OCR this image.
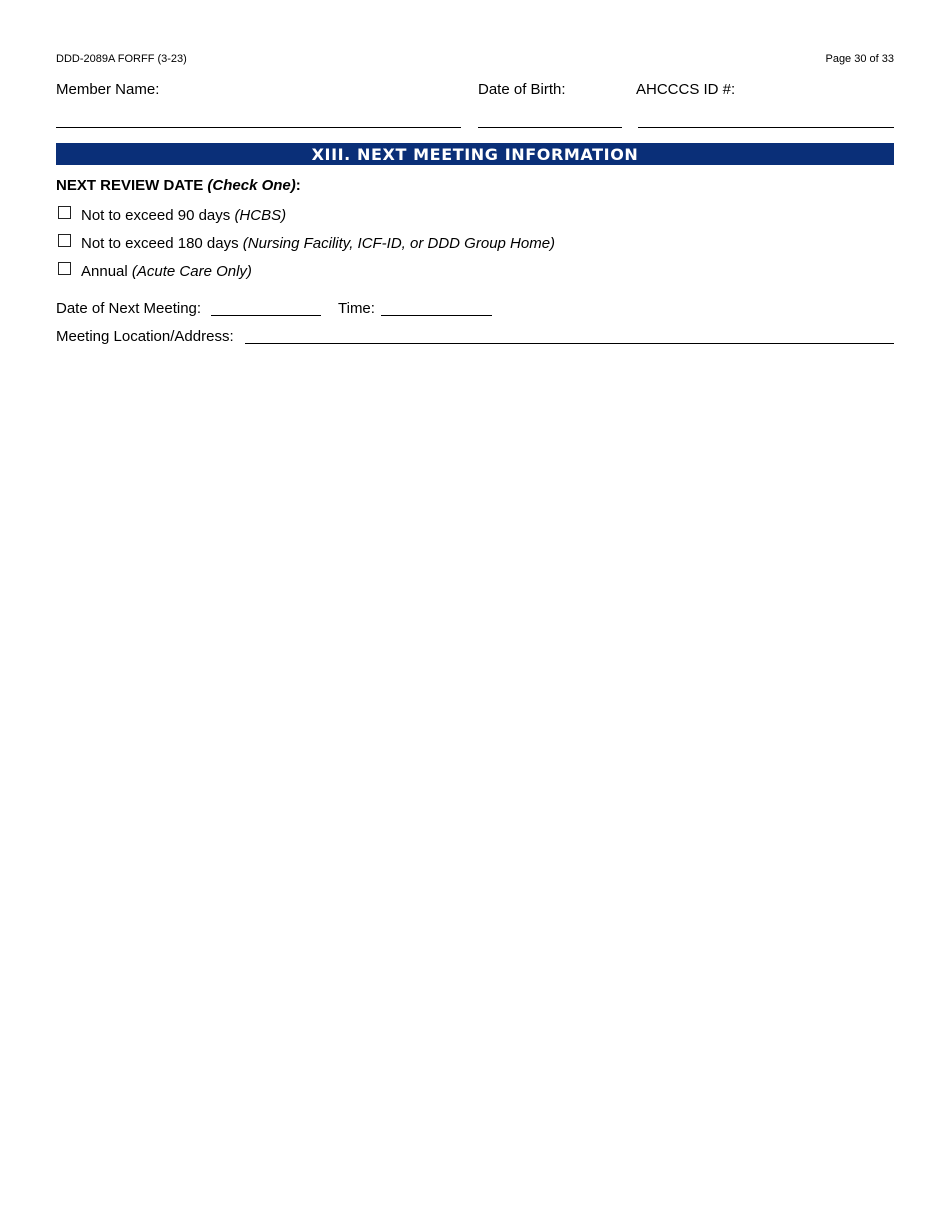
DDD-2089A FORFF (3-23)	Page 30 of 33
Member Name:	Date of Birth:	AHCCCS ID #:
XIII. NEXT MEETING INFORMATION
NEXT REVIEW DATE (Check One):
Not to exceed 90 days (HCBS)
Not to exceed 180 days (Nursing Facility, ICF-ID, or DDD Group Home)
Annual (Acute Care Only)
Date of Next Meeting:	Time:
Meeting Location/Address:
